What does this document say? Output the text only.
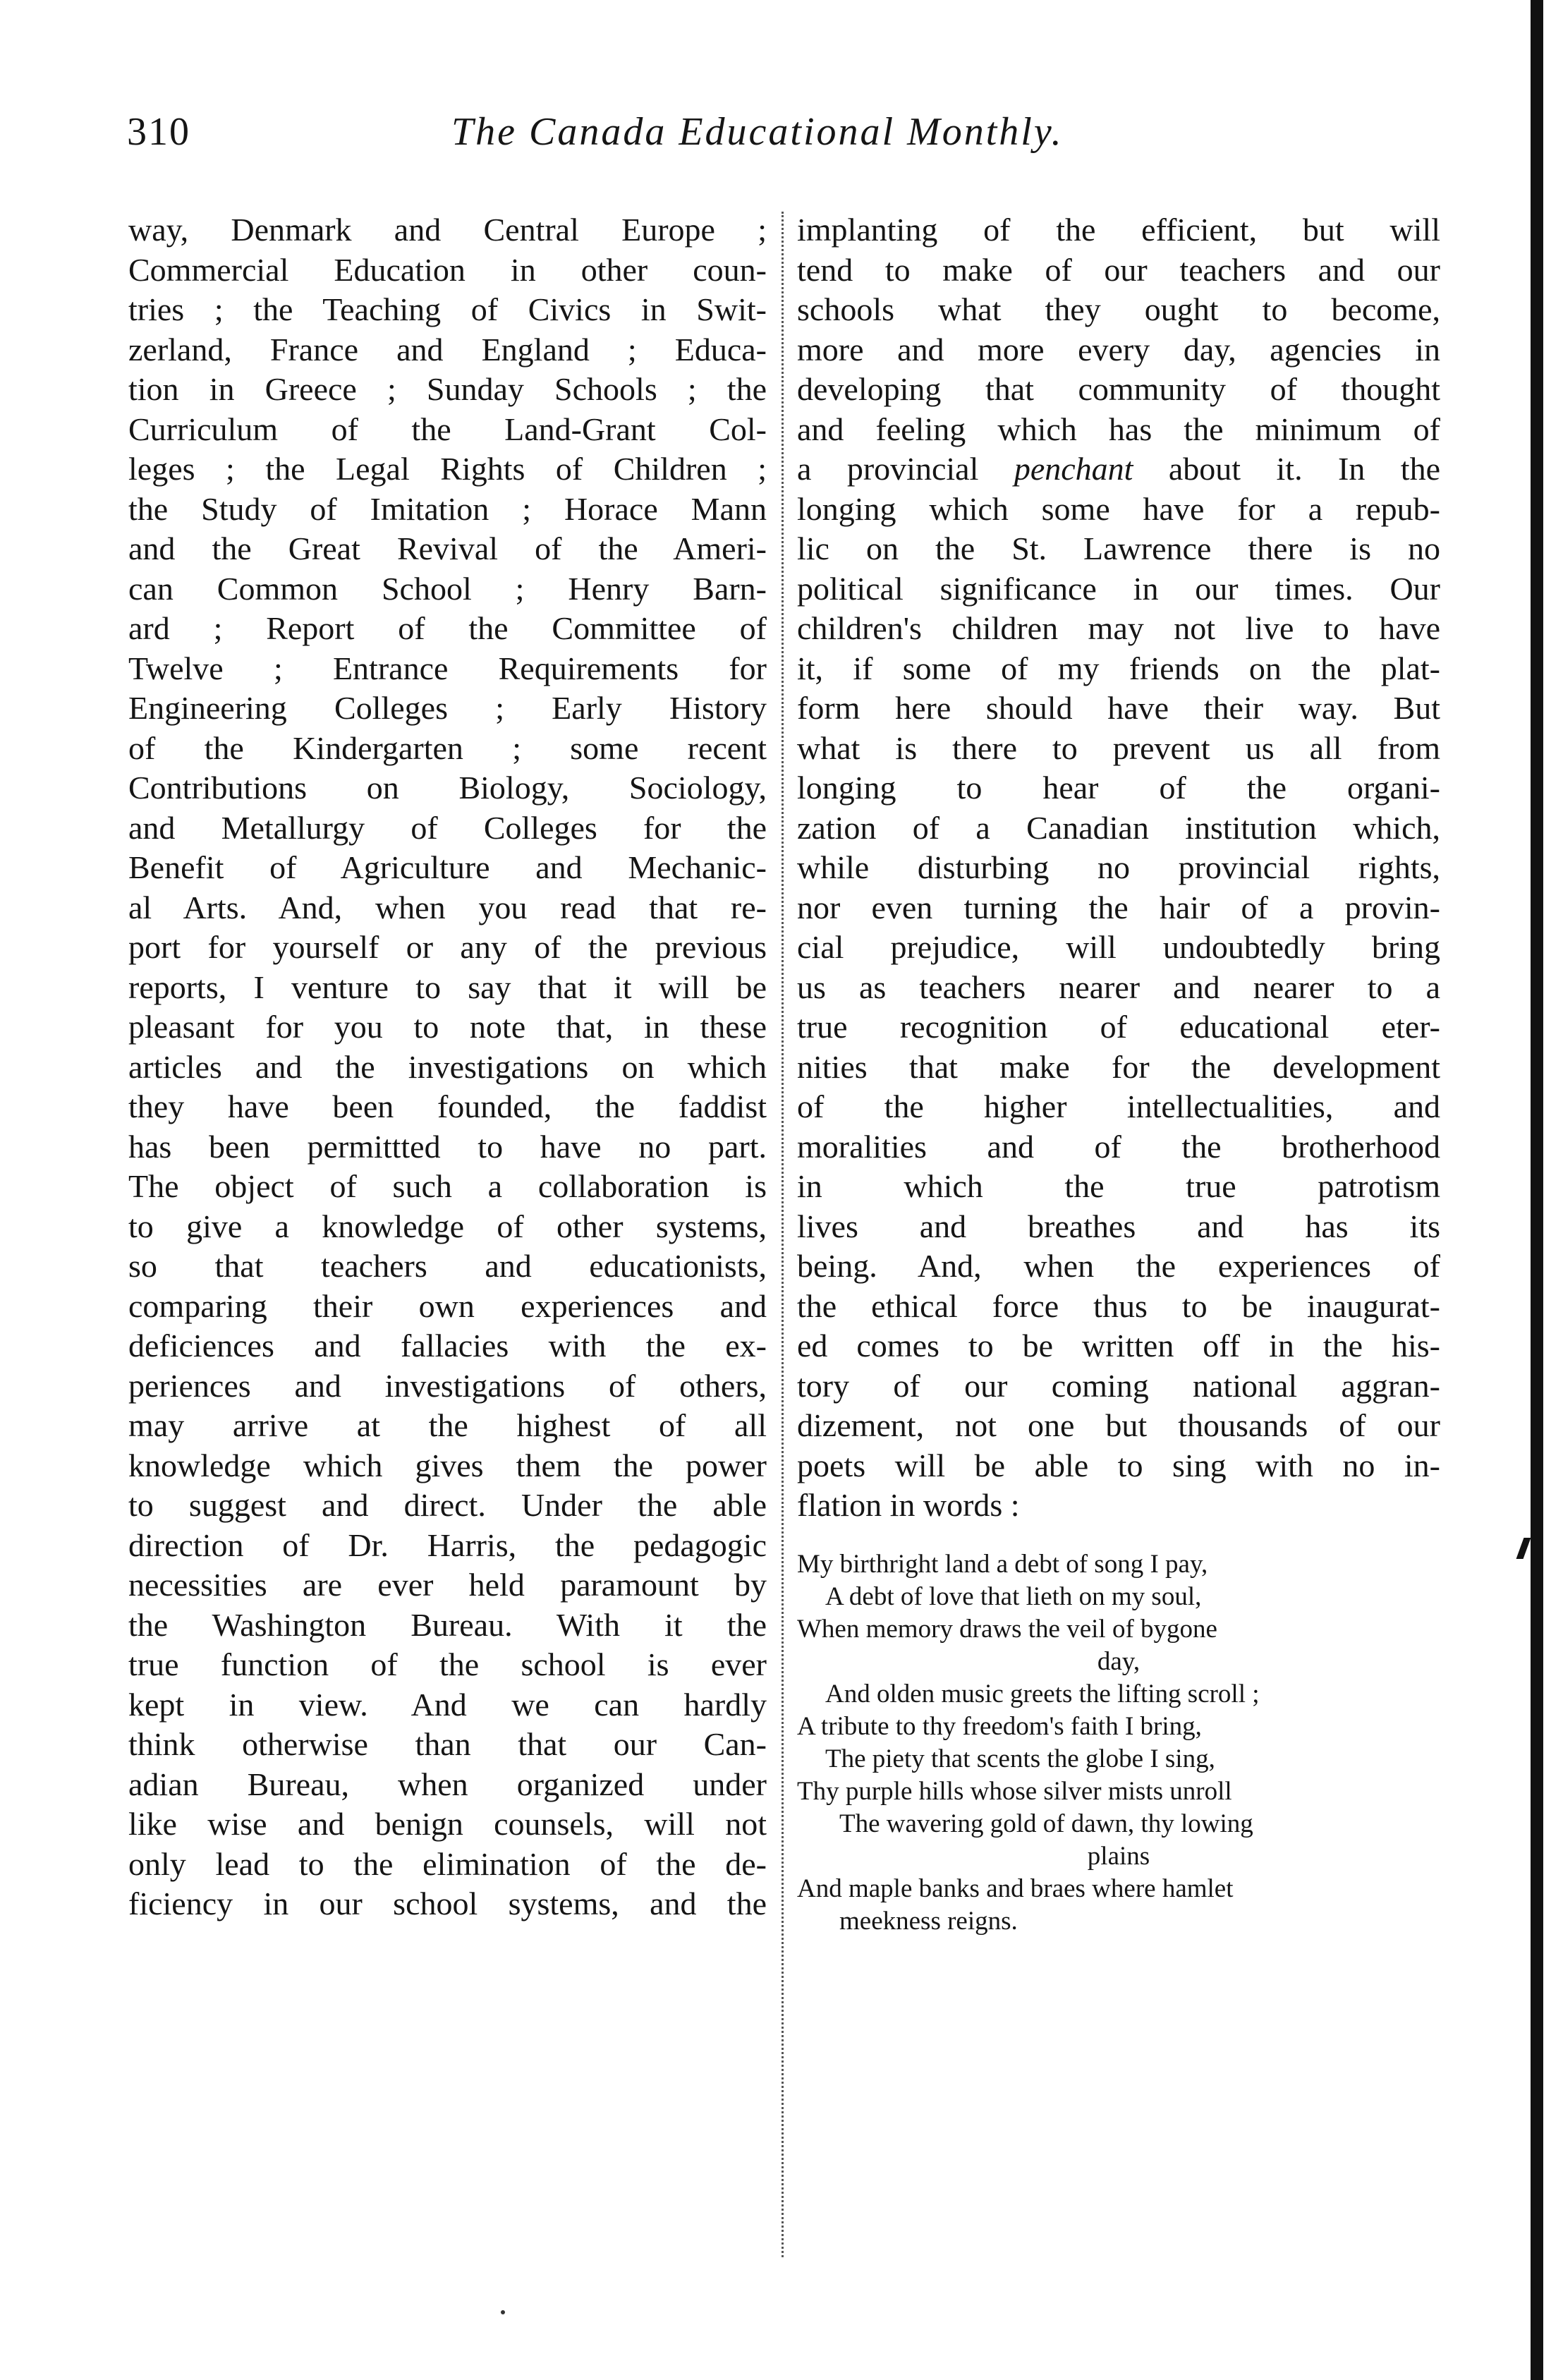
310	The Canada Educational Monthly.
way, Denmark and Central Europe ;
Commercial Education in other coun-
tries ; the Teaching of Civics in Swit-
zerland, France and England ; Educa-
tion in Greece ; Sunday Schools ; the
Curriculum of the Land-Grant Col-
leges ; the Legal Rights of Children ;
the Study of Imitation ; Horace Mann
and the Great Revival of the Ameri-
can Common School ; Henry Barn-
ard ; Report of the Committee of
Twelve ; Entrance Requirements for
Engineering Colleges ; Early History
of the Kindergarten ; some recent
Contributions on Biology, Sociology,
and Metallurgy of Colleges for the
Benefit of Agriculture and Mechanic-
al Arts. And, when you read that re-
port for yourself or any of the previous
reports, I venture to say that it will be
pleasant for you to note that, in these
articles and the investigations on which
they have been founded, the faddist
has been permittted to have no part.
The object of such a collaboration is
to give a knowledge of other systems,
so that teachers and educationists,
comparing their own experiences and
deficiences and fallacies with the ex-
periences and investigations of others,
may arrive at the highest of all
knowledge which gives them the power
to suggest and direct. Under the able
direction of Dr. Harris, the pedagogic
necessities are ever held paramount by
the Washington Bureau. With it the
true function of the school is ever
kept in view. And we can hardly
think otherwise than that our Can-
adian Bureau, when organized under
like wise and benign counsels, will not
only lead to the elimination of the de-
ficiency in our school systems, and the
implanting of the efficient, but will
tend to make of our teachers and our
schools what they ought to become,
more and more every day, agencies in
developing that community of thought
and feeling which has the minimum of
a provincial penchant about it. In the
longing which some have for a repub-
lic on the St. Lawrence there is no
political significance in our times. Our
children's children may not live to have
it, if some of my friends on the plat-
form here should have their way. But
what is there to prevent us all from
longing to hear of the organi-
zation of a Canadian institution which,
while disturbing no provincial rights,
nor even turning the hair of a provin-
cial prejudice, will undoubtedly bring
us as teachers nearer and nearer to a
true recognition of educational eter-
nities that make for the development
of the higher intellectualities, and
moralities and of the brotherhood
in which the true patrotism
lives and breathes and has its
being. And, when the experiences of
the ethical force thus to be inaugurat-
ed comes to be written off in the his-
tory of our coming national aggran-
dizement, not one but thousands of our
poets will be able to sing with no in-
flation in words :
My birthright land a debt of song I pay,
A debt of love that lieth on my soul,
When memory draws the veil of bygone
day,
And olden music greets the lifting scroll ;
A tribute to thy freedom's faith I bring,
The piety that scents the globe I sing,
Thy purple hills whose silver mists unroll
The wavering gold of dawn, thy lowing
plains
And maple banks and braes where hamlet
meekness reigns.
